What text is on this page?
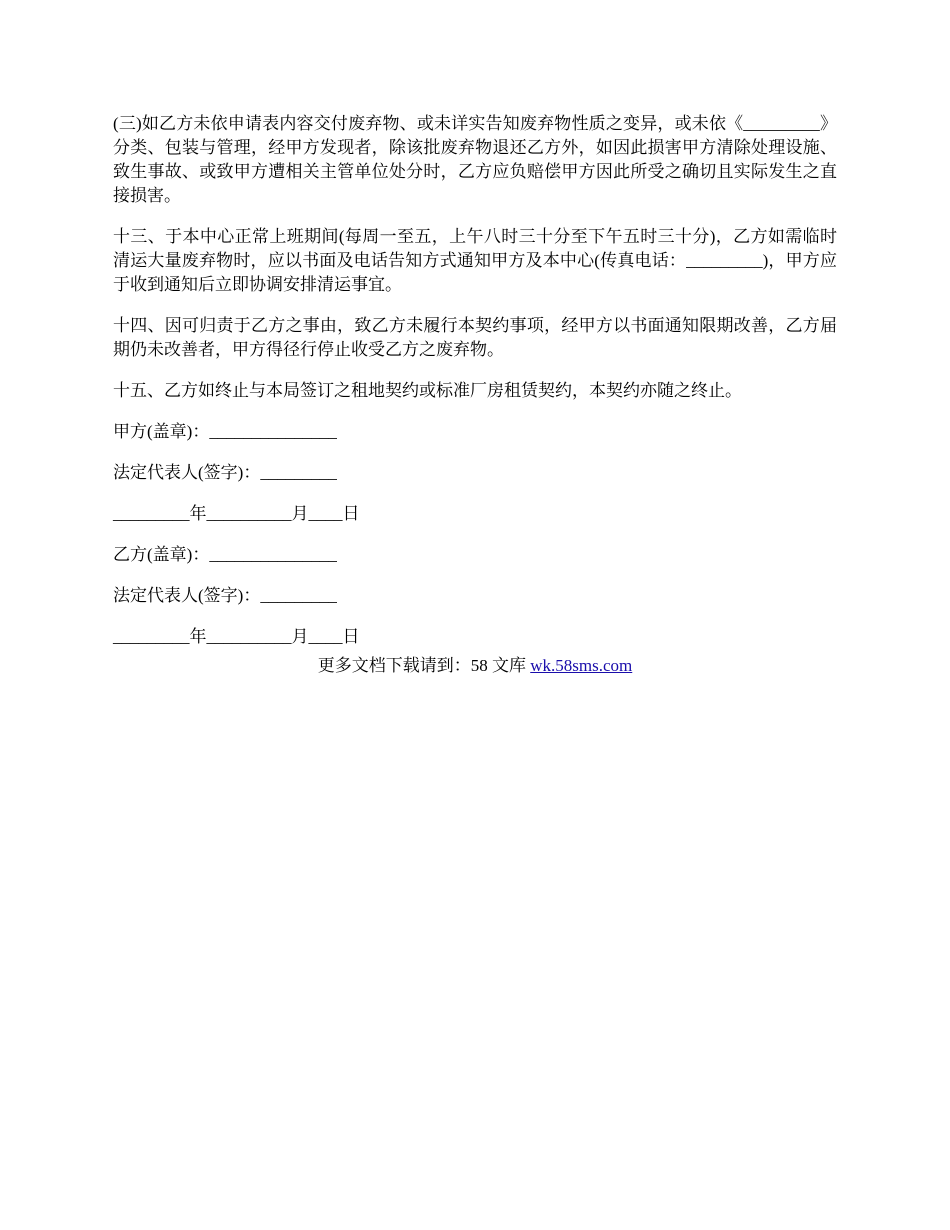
(三)如乙方未依申请表内容交付废弃物、或未详实告知废弃物性质之变异，或未依《_________》分类、包装与管理，经甲方发现者，除该批废弃物退还乙方外，如因此损害甲方清除处理设施、致生事故、或致甲方遭相关主管单位处分时，乙方应负赔偿甲方因此所受之确切且实际发生之直接损害。

十三、于本中心正常上班期间(每周一至五，上午八时三十分至下午五时三十分)，乙方如需临时清运大量废弃物时，应以书面及电话告知方式通知甲方及本中心(传真电话：_________)，甲方应于收到通知后立即协调安排清运事宜。

十四、因可归责于乙方之事由，致乙方未履行本契约事项，经甲方以书面通知限期改善，乙方届期仍未改善者，甲方得径行停止收受乙方之废弃物。

十五、乙方如终止与本局签订之租地契约或标准厂房租赁契约，本契约亦随之终止。

甲方(盖章)：_______________
法定代表人(签字)：_________
_________年__________月____日
乙方(盖章)：_______________
法定代表人(签字)：_________
_________年__________月____日
更多文档下载请到：58 文库 wk.58sms.com
